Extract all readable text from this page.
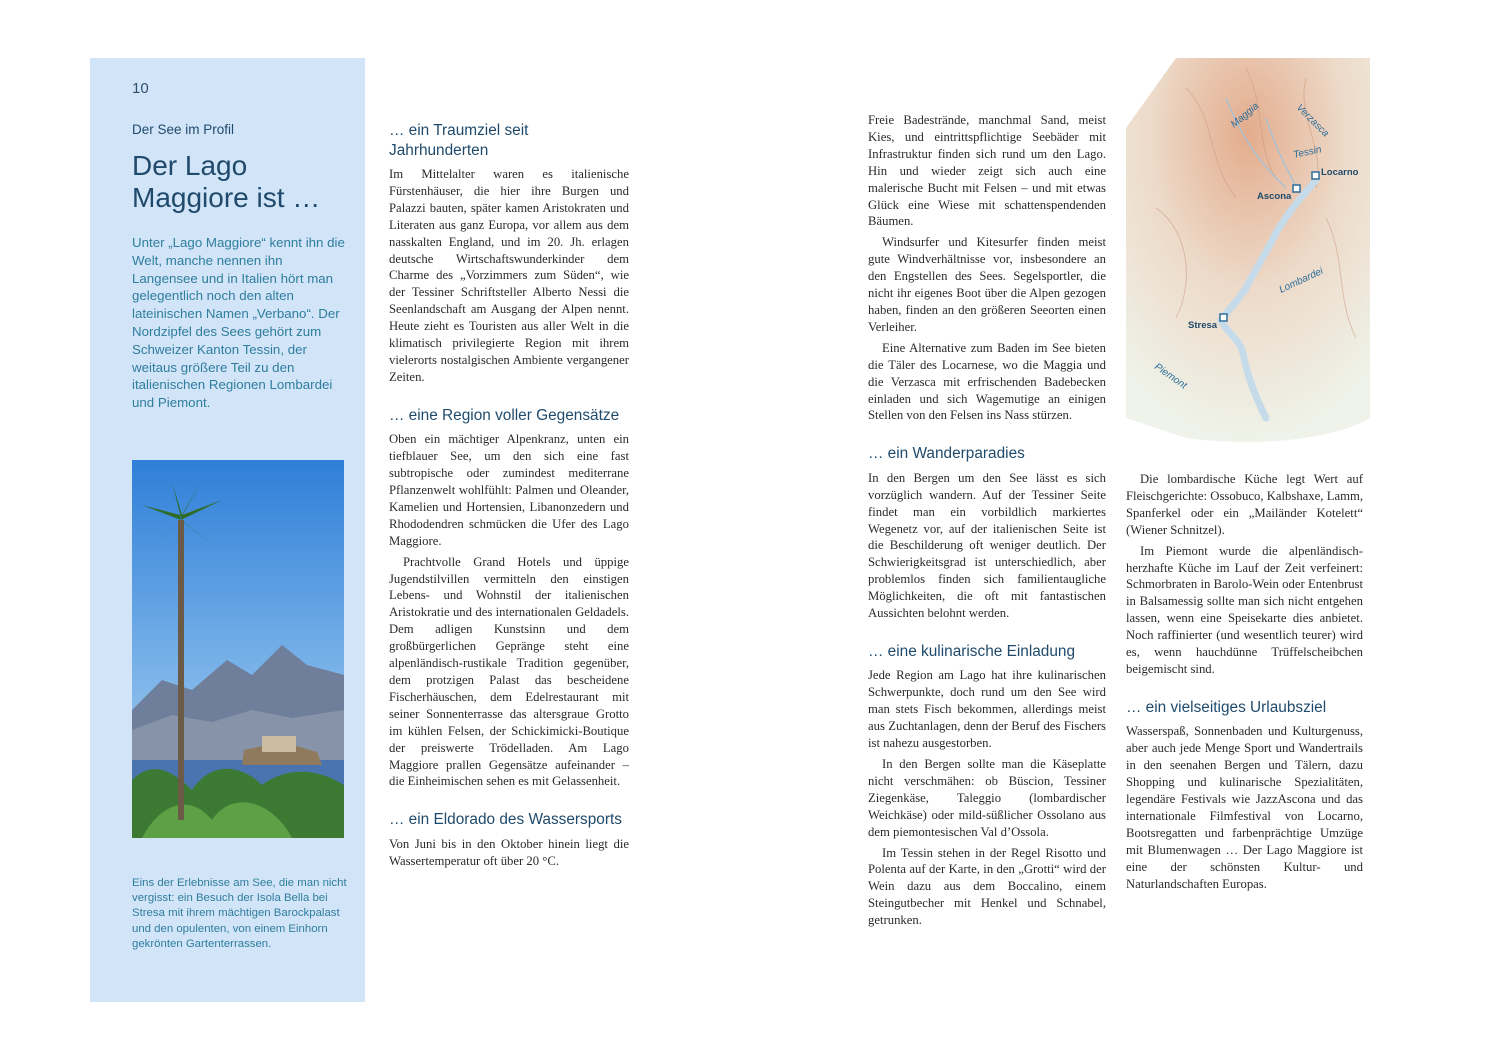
10
Der See im Profil
Der Lago Maggiore ist …
Unter „Lago Maggiore“ kennt ihn die Welt, manche nennen ihn Langensee und in Italien hört man gelegentlich noch den alten lateinischen Namen „Verbano“. Der Nordzipfel des Sees gehört zum Schweizer Kanton Tessin, der weitaus größere Teil zu den italienischen Regionen Lombardei und Piemont.
Eins der Erlebnisse am See, die man nicht vergisst: ein Besuch der Isola Bella bei Stresa mit ihrem mächtigen Barockpalast und den opulenten, von einem Einhorn gekrönten Gartenterrassen.
… ein Traumziel seit Jahrhunderten

Im Mittelalter waren es italienische Fürstenhäuser, die hier ihre Burgen und Palazzi bauten, später kamen Aristokraten und Literaten aus ganz Europa, vor allem aus dem nasskalten England, und im 20. Jh. erlagen deutsche Wirtschaftswunderkinder dem Charme des „Vorzimmers zum Süden“, wie der Tessiner Schriftsteller Alberto Nessi die Seenlandschaft am Ausgang der Alpen nennt. Heute zieht es Touristen aus aller Welt in die klimatisch privilegierte Region mit ihrem vielerorts nostalgischen Ambiente vergangener Zeiten.

… eine Region voller Gegensätze

Oben ein mächtiger Alpenkranz, unten ein tiefblauer See, um den sich eine fast subtropische oder zumindest mediterrane Pflanzenwelt wohlfühlt: Palmen und Oleander, Kamelien und Hortensien, Libanonzedern und Rhododendren schmücken die Ufer des Lago Maggiore.

Prachtvolle Grand Hotels und üppige Jugendstilvillen vermitteln den einstigen Lebens- und Wohnstil der italienischen Aristokratie und des internationalen Geldadels. Dem adligen Kunstsinn und dem großbürgerlichen Gepränge steht eine alpenländisch-rustikale Tradition gegenüber, dem protzigen Palast das bescheidene Fischerhäuschen, dem Edelrestaurant mit seiner Sonnenterrasse das altersgraue Grotto im kühlen Felsen, der Schickimicki-Boutique der preiswerte Trödelladen. Am Lago Maggiore prallen Gegensätze aufeinander – die Einheimischen sehen es mit Gelassenheit.

… ein Eldorado des Wassersports

Von Juni bis in den Oktober hinein liegt die Wassertemperatur oft über 20 °C.

Freie Badestrände, manchmal Sand, meist Kies, und eintrittspflichtige Seebäder mit Infrastruktur finden sich rund um den Lago. Hin und wieder zeigt sich auch eine malerische Bucht mit Felsen – und mit etwas Glück eine Wiese mit schattenspendenden Bäumen.

Windsurfer und Kitesurfer finden meist gute Windverhältnisse vor, insbesondere an den Engstellen des Sees. Segelsportler, die nicht ihr eigenes Boot über die Alpen gezogen haben, finden an den größeren Seeorten einen Verleiher.

Eine Alternative zum Baden im See bieten die Täler des Locarnese, wo die Maggia und die Verzasca mit erfrischenden Badebecken einladen und sich Wagemutige an einigen Stellen von den Felsen ins Nass stürzen.

… ein Wanderparadies

In den Bergen um den See lässt es sich vorzüglich wandern. Auf der Tessiner Seite findet man ein vorbildlich markiertes Wegenetz vor, auf der italienischen Seite ist die Beschilderung oft weniger deutlich. Der Schwierigkeitsgrad ist unterschiedlich, aber problemlos finden sich familientaugliche Möglichkeiten, die oft mit fantastischen Aussichten belohnt werden.

… eine kulinarische Einladung

Jede Region am Lago hat ihre kulinarischen Schwerpunkte, doch rund um den See wird man stets Fisch bekommen, allerdings meist aus Zuchtanlagen, denn der Beruf des Fischers ist nahezu ausgestorben.

In den Bergen sollte man die Käseplatte nicht verschmähen: ob Büscion, Tessiner Ziegenkäse, Taleggio (lombardischer Weichkäse) oder mild-süßlicher Ossolano aus dem piemontesischen Val d’Ossola.

Im Tessin stehen in der Regel Risotto und Polenta auf der Karte, in den „Grotti“ wird der Wein dazu aus dem Boccalino, einem Steingutbecher mit Henkel und Schnabel, getrunken.

Maggia	Verzasca
Tessin
Lombardei
Piemont
Locarno
Ascona
Stresa

Die lombardische Küche legt Wert auf Fleischgerichte: Ossobuco, Kalbshaxe, Lamm, Spanferkel oder ein „Mailänder Kotelett“ (Wiener Schnitzel).

Im Piemont wurde die alpenländisch-herzhafte Küche im Lauf der Zeit verfeinert: Schmorbraten in Barolo-Wein oder Entenbrust in Balsamessig sollte man sich nicht entgehen lassen, wenn eine Speisekarte dies anbietet. Noch raffinierter (und wesentlich teurer) wird es, wenn hauchdünne Trüffelscheibchen beigemischt sind.

… ein vielseitiges Urlaubsziel

Wasserspaß, Sonnenbaden und Kulturgenuss, aber auch jede Menge Sport und Wandertrails in den seenahen Bergen und Tälern, dazu Shopping und kulinarische Spezialitäten, legendäre Festivals wie JazzAscona und das internationale Filmfestival von Locarno, Bootsregatten und farbenprächtige Umzüge mit Blumenwagen … Der Lago Maggiore ist eine der schönsten Kultur- und Naturlandschaften Europas.
